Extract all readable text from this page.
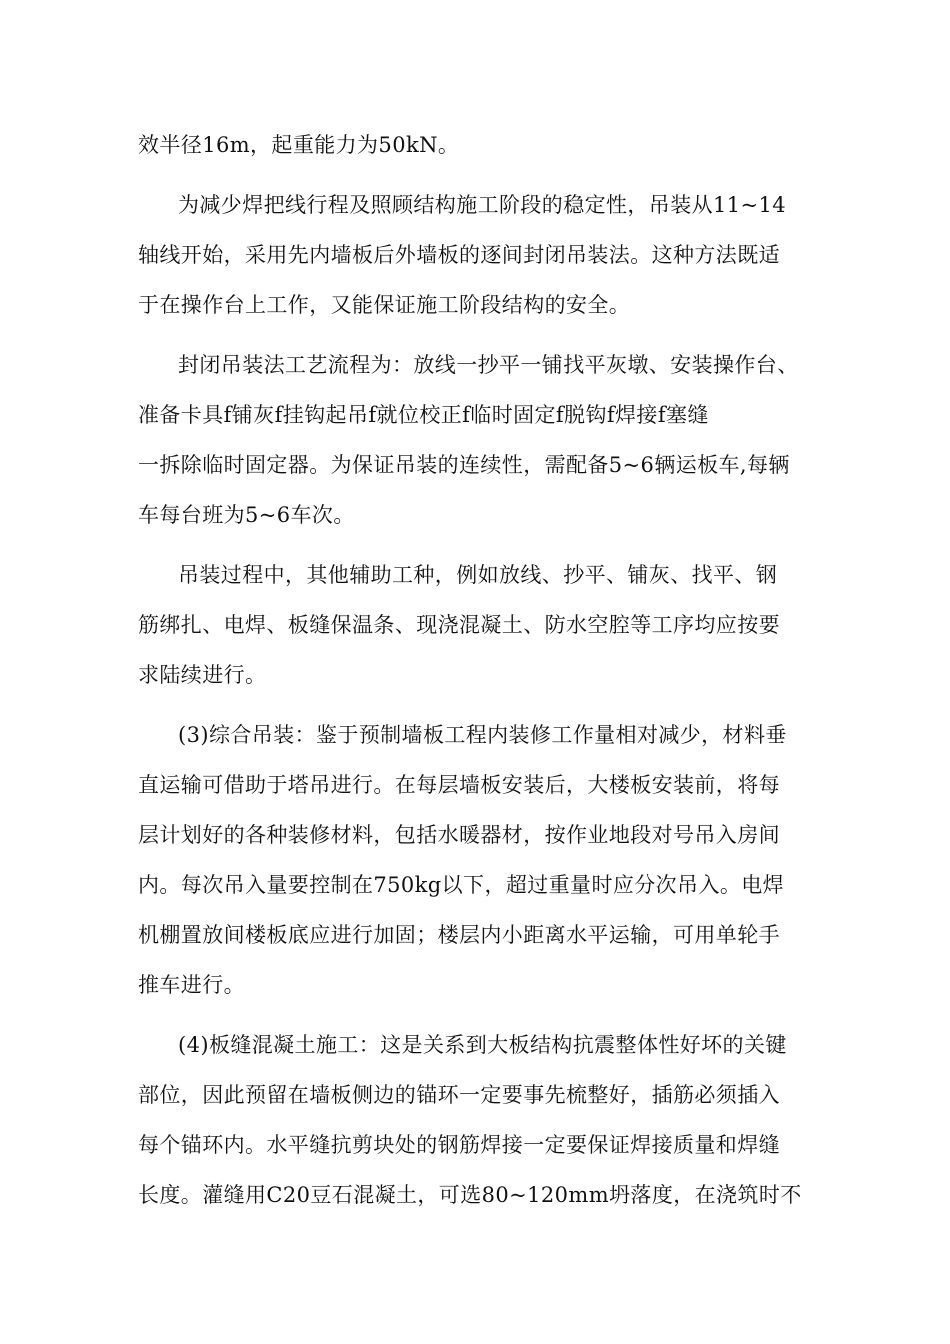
效半径16m，起重能力为50kN。
为减少焊把线行程及照顾结构施工阶段的稳定性，吊装从11~14
轴线开始，采用先内墙板后外墙板的逐间封闭吊装法。这种方法既适
于在操作台上工作，又能保证施工阶段结构的安全。
封闭吊装法工艺流程为：放线一抄平一铺找平灰墩、安装操作台、
准备卡具f铺灰f挂钩起吊f就位校正f临时固定f脱钩f焊接f塞缝
一拆除临时固定器。为保证吊装的连续性，需配备5~6辆运板车,每辆
车每台班为5~6车次。
吊装过程中，其他辅助工种，例如放线、抄平、铺灰、找平、钢
筋绑扎、电焊、板缝保温条、现浇混凝土、防水空腔等工序均应按要
求陆续进行。
(3)综合吊装：鉴于预制墙板工程内装修工作量相对减少，材料垂
直运输可借助于塔吊进行。在每层墙板安装后，大楼板安装前，将每
层计划好的各种装修材料，包括水暖器材，按作业地段对号吊入房间
内。每次吊入量要控制在750kg以下，超过重量时应分次吊入。电焊
机棚置放间楼板底应进行加固；楼层内小距离水平运输，可用单轮手
推车进行。
(4)板缝混凝土施工：这是关系到大板结构抗震整体性好坏的关键
部位，因此预留在墙板侧边的锚环一定要事先梳整好，插筋必须插入
每个锚环内。水平缝抗剪块处的钢筋焊接一定要保证焊接质量和焊缝
长度。灌缝用C20豆石混凝土，可选80~120mm坍落度，在浇筑时不
